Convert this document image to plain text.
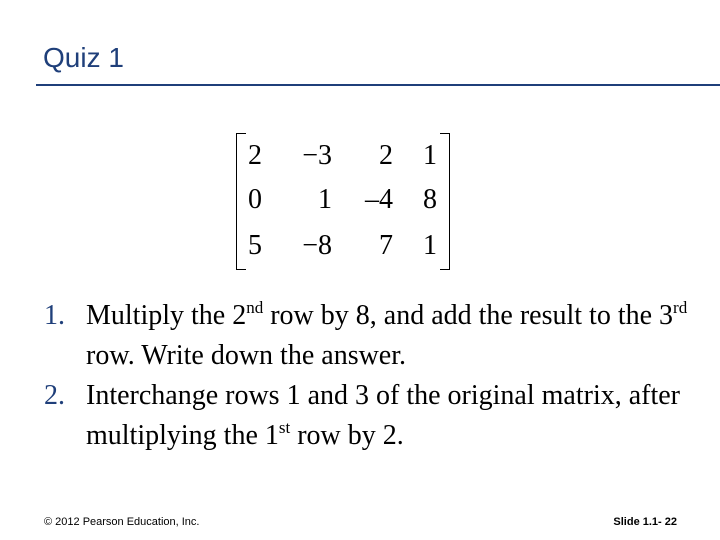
Quiz 1
2 −3 2 1
0 1 –4 8
5 −8 7 1
1. Multiply the 2nd row by 8, and add the result to the 3rd row. Write down the answer.
2. Interchange rows 1 and 3 of the original matrix, after multiplying the 1st row by 2.
© 2012 Pearson Education, Inc.	Slide 1.1- 22
